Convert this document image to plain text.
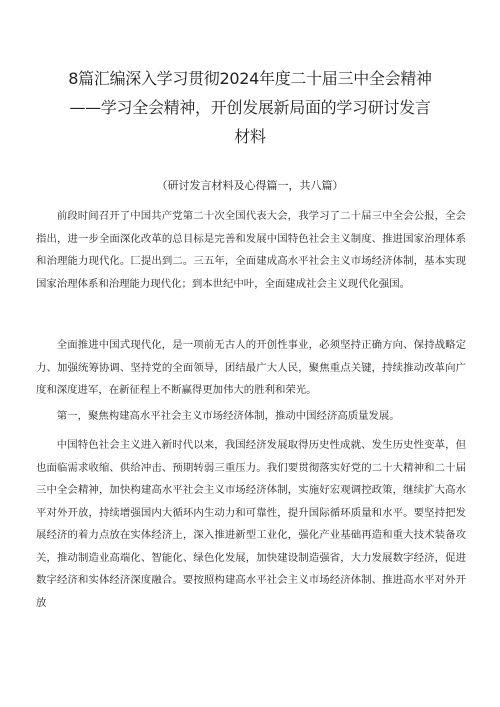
8篇汇编深入学习贯彻2024年度二十届三中全会精神
——学习全会精神，开创发展新局面的学习研讨发言
材料
（研讨发言材料及心得篇一，共八篇）

前段时间召开了中国共产党第二十次全国代表大会，我学习了二十届三中全会公报，全会指出，进一步全面深化改革的总目标是完善和发展中国特色社会主义制度、推进国家治理体系和治理能力现代化。匚提出到二。三五年，全面建成高水平社会主义市场经济体制，基本实现国家治理体系和治理能力现代化；到本世纪中叶，全面建成社会主义现代化强国。

全面推进中国式现代化，是一项前无古人的开创性事业，必须坚持正确方向、保持战略定力、加强统筹协调、坚持党的全面领导，团结最广大人民，聚焦重点关键，持续推动改革向广度和深度进军，在新征程上不断赢得更加伟大的胜利和荣光。

第一，聚焦构建高水平社会主义市场经济体制，推动中国经济高质量发展。

中国特色社会主义进入新时代以来，我国经济发展取得历史性成就、发生历史性变革，但也面临需求收缩、供给冲击、预期转弱三重压力。我们要贯彻落实好党的二十大精神和二十届三中全会精神，加快构建高水平社会主义市场经济体制，实施好宏观调控政策，继续扩大高水平对外开放，持续增强国内大循环内生动力和可靠性，提升国际循环质量和水平。要坚持把发展经济的着力点放在实体经济上，深入推进新型工业化，强化产业基础再造和重大技术装备攻关，推动制造业高端化、智能化、绿色化发展，加快建设制造强省，大力发展数字经济，促进数字经济和实体经济深度融合。要按照构建高水平社会主义市场经济体制、推进高水平对外开放
